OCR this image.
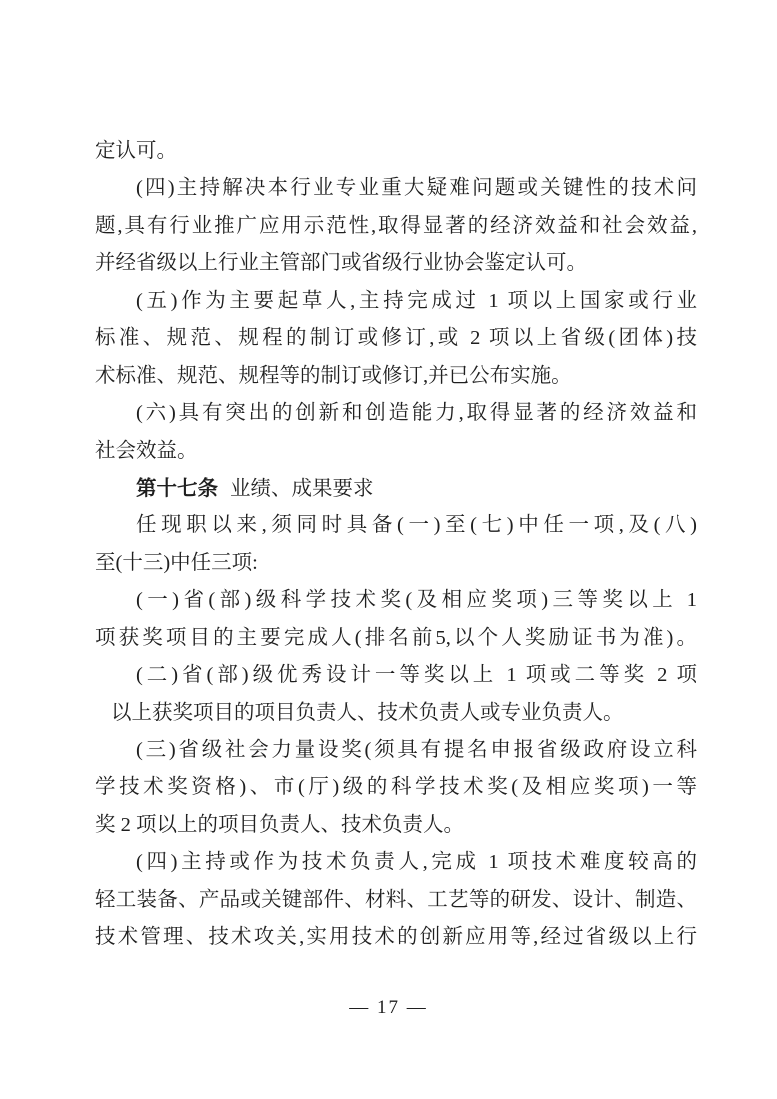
定认可。
(四)主持解决本行业专业重大疑难问题或关键性的技术问
题,具有行业推广应用示范性,取得显著的经济效益和社会效益,
并经省级以上行业主管部门或省级行业协会鉴定认可。
(五)作为主要起草人,主持完成过 1 项以上国家或行业
标准、规范、规程的制订或修订,或 2 项以上省级(团体)技
术标准、规范、规程等的制订或修订,并已公布实施。
(六)具有突出的创新和创造能力,取得显著的经济效益和
社会效益。
第十七条 业绩、成果要求
任现职以来,须同时具备(一)至(七)中任一项,及(八)
至(十三)中任三项:
(一)省(部)级科学技术奖(及相应奖项)三等奖以上 1
项获奖项目的主要完成人(排名前5,以个人奖励证书为准)。
(二)省(部)级优秀设计一等奖以上 1 项或二等奖 2 项
以上获奖项目的项目负责人、技术负责人或专业负责人。
(三)省级社会力量设奖(须具有提名申报省级政府设立科
学技术奖资格)、市(厅)级的科学技术奖(及相应奖项)一等
奖 2 项以上的项目负责人、技术负责人。
(四)主持或作为技术负责人,完成 1 项技术难度较高的
轻工装备、产品或关键部件、材料、工艺等的研发、设计、制造、
技术管理、技术攻关,实用技术的创新应用等,经过省级以上行
— 17 —
